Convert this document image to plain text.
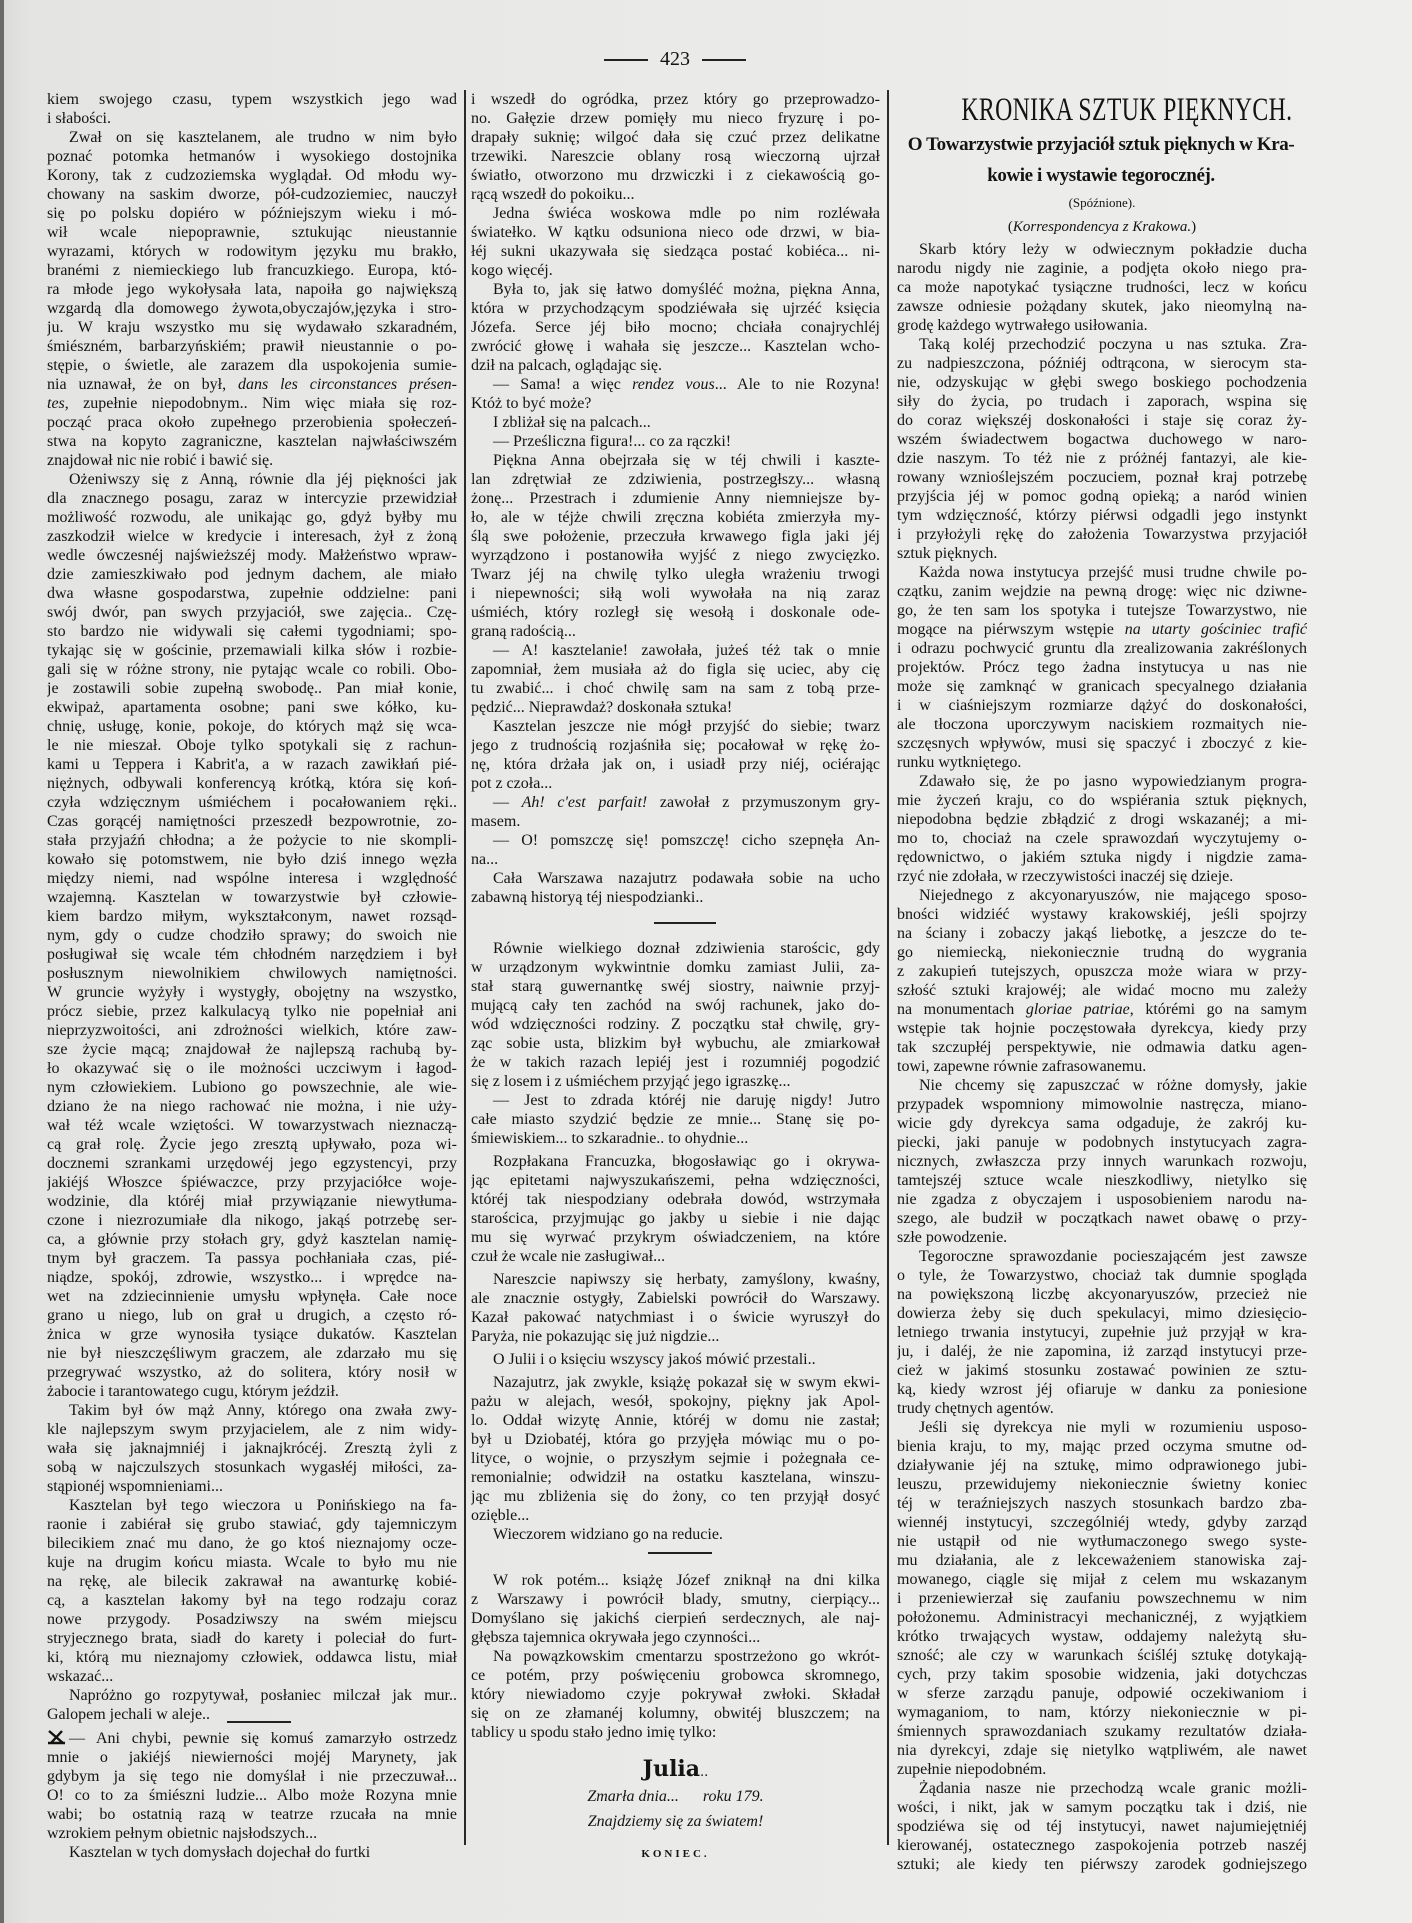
423
kiem swojego czasu, typem wszystkich jego wad
i słabości.
Zwał on się kasztelanem, ale trudno w nim było
poznać potomka hetmanów i wysokiego dostojnika
Korony, tak z cudzoziemska wyglądał. Od młodu wy-
chowany na saskim dworze, pół-cudzoziemiec, nauczył
się po polsku dopiéro w późniejszym wieku i mó-
wił wcale niepoprawnie, sztukując nieustannie
wyrazami, których w rodowitym języku mu brakło,
branémi z niemieckiego lub francuzkiego. Europa, któ-
ra młode jego wykołysała lata, napoiła go największą
wzgardą dla domowego żywota,obyczajów,języka i stro-
ju. W kraju wszystko mu się wydawało szkaradném,
śmiészném, barbarzyńskiém; prawił nieustannie o po-
stępie, o świetle, ale zarazem dla uspokojenia sumie-
nia uznawał, że on był, dans les circonstances présen-
tes, zupełnie niepodobnym.. Nim więc miała się roz-
począć praca około zupełnego przerobienia społeczeń-
stwa na kopyto zagraniczne, kasztelan najwłaściwszém
znajdował nic nie robić i bawić się.
Ożeniwszy się z Anną, równie dla jéj piękności jak
dla znacznego posagu, zaraz w intercyzie przewidział
możliwość rozwodu, ale unikając go, gdyż byłby mu
zaszkodził wielce w kredycie i interesach, żył z żoną
wedle ówczesnéj najświeższéj mody. Małżeństwo wpraw-
dzie zamieszkiwało pod jednym dachem, ale miało
dwa własne gospodarstwa, zupełnie oddzielne: pani
swój dwór, pan swych przyjaciół, swe zajęcia.. Czę-
sto bardzo nie widywali się całemi tygodniami; spo-
tykając się w gościnie, przemawiali kilka słów i rozbie-
gali się w różne strony, nie pytając wcale co robili. Obo-
je zostawili sobie zupełną swobodę.. Pan miał konie,
ekwipaż, apartamenta osobne; pani swe kółko, ku-
chnię, usługę, konie, pokoje, do których mąż się wca-
le nie mieszał. Oboje tylko spotykali się z rachun-
kami u Teppera i Kabrit'a, a w razach zawikłań pié-
niężnych, odbywali konferencyą krótką, która się koń-
czyła wdzięcznym uśmiéchem i pocałowaniem ręki..
Czas gorącéj namiętności przeszedł bezpowrotnie, zo-
stała przyjaźń chłodna; a że pożycie to nie skompli-
kowało się potomstwem, nie było dziś innego węzła
między niemi, nad wspólne interesa i względność
wzajemną. Kasztelan w towarzystwie był człowie-
kiem bardzo miłym, wykształconym, nawet rozsąd-
nym, gdy o cudze chodziło sprawy; do swoich nie
posługiwał się wcale tém chłodném narzędziem i był
posłusznym niewolnikiem chwilowych namiętności.
W gruncie wyżyły i wystygły, obojętny na wszystko,
prócz siebie, przez kalkulacyą tylko nie popełniał ani
nieprzyzwoitości, ani zdrożności wielkich, które zaw-
sze życie mącą; znajdował że najlepszą rachubą by-
ło okazywać się o ile możności uczciwym i łagod-
nym człowiekiem. Lubiono go powszechnie, ale wie-
dziano że na niego rachować nie można, i nie uży-
wał téż wcale wziętości. W towarzystwach nieznaczą-
cą grał rolę. Życie jego zresztą upływało, poza wi-
docznemi szrankami urzędowéj jego egzystencyi, przy
jakiéjś Włoszce śpiéwaczce, przy przyjaciółce woje-
wodzinie, dla któréj miał przywiązanie niewytłuma-
czone i niezrozumiałe dla nikogo, jakąś potrzebę ser-
ca, a głównie przy stołach gry, gdyż kasztelan namię-
tnym był graczem. Ta passya pochłaniała czas, pié-
niądze, spokój, zdrowie, wszystko... i wprędce na-
wet na zdziecinnienie umysłu wpłynęła. Całe noce
grano u niego, lub on grał u drugich, a często ró-
żnica w grze wynosiła tysiące dukatów. Kasztelan
nie był nieszczęśliwym graczem, ale zdarzało mu się
przegrywać wszystko, aż do solitera, który nosił w
żabocie i tarantowatego cugu, którym jeździł.
Takim był ów mąż Anny, którego ona zwała zwy-
kle najlepszym swym przyjacielem, ale z nim widy-
wała się jaknajmniéj i jaknajkrócéj. Zresztą żyli z
sobą w najczulszych stosunkach wygasłéj miłości, za-
stąpionéj wspomnieniami...
Kasztelan był tego wieczora u Ponińskiego na fa-
raonie i zabiérał się grubo stawiać, gdy tajemniczym
bilecikiem znać mu dano, że go ktoś nieznajomy ocze-
kuje na drugim końcu miasta. Wcale to było mu nie
na rękę, ale bilecik zakrawał na awanturkę kobié-
cą, a kasztelan łakomy był na tego rodzaju coraz
nowe przygody. Posadziwszy na swém miejscu
stryjecznego brata, siadł do karety i poleciał do furt-
ki, którą mu nieznajomy człowiek, oddawca listu, miał
wskazać...
Napróżno go rozpytywał, posłaniec milczał jak mur..
Galopem jechali w aleje..
— Ani chybi, pewnie się komuś zamarzyło ostrzedz
mnie o jakiéjś niewierności mojéj Marynety, jak
gdybym ja się tego nie domyślał i nie przeczuwał...
O! co to za śmiészni ludzie... Albo może Rozyna mnie
wabi; bo ostatnią razą w teatrze rzucała na mnie
wzrokiem pełnym obietnic najsłodszych...
Kasztelan w tych domysłach dojechał do furtki
i wszedł do ogródka, przez który go przeprowadzo-
no. Gałęzie drzew pomięły mu nieco fryzurę i po-
drapały suknię; wilgoć dała się czuć przez delikatne
trzewiki. Nareszcie oblany rosą wieczorną ujrzał
światło, otworzono mu drzwiczki i z ciekawością go-
rącą wszedł do pokoiku...
Jedna świéca woskowa mdle po nim rozléwała
światełko. W kątku odsuniona nieco ode drzwi, w bia-
łéj sukni ukazywała się siedząca postać kobiéca... ni-
kogo więcéj.
Była to, jak się łatwo domyśléć można, piękna Anna,
która w przychodzącym spodziéwała się ujrzéć księcia
Józefa. Serce jéj biło mocno; chciała conajrychléj
zwrócić głowę i wahała się jeszcze... Kasztelan wcho-
dził na palcach, oglądając się.
— Sama! a więc rendez vous... Ale to nie Rozyna!
Któż to być może?
I zbliżał się na palcach...
— Prześliczna figura!... co za rączki!
Piękna Anna obejrzała się w téj chwili i kaszte-
lan zdrętwiał ze zdziwienia, postrzegłszy... własną
żonę... Przestrach i zdumienie Anny niemniejsze by-
ło, ale w téjże chwili zręczna kobiéta zmierzyła my-
ślą swe położenie, przeczuła krwawego figla jaki jéj
wyrządzono i postanowiła wyjść z niego zwycięzko.
Twarz jéj na chwilę tylko uległa wrażeniu trwogi
i niepewności; siłą woli wywołała na nią zaraz
uśmiéch, który rozległ się wesołą i doskonale ode-
graną radością...
— A! kasztelanie! zawołała, jużeś téż tak o mnie
zapomniał, żem musiała aż do figla się uciec, aby cię
tu zwabić... i choć chwilę sam na sam z tobą prze-
pędzić... Nieprawdaż? doskonała sztuka!
Kasztelan jeszcze nie mógł przyjść do siebie; twarz
jego z trudnością rozjaśniła się; pocałował w rękę żo-
nę, która drżała jak on, i usiadł przy niéj, ociérając
pot z czoła...
— Ah! c'est parfait! zawołał z przymuszonym gry-
masem.
— O! pomszczę się! pomszczę! cicho szepnęła An-
na...
Cała Warszawa nazajutrz podawała sobie na ucho
zabawną historyą téj niespodzianki..
Równie wielkiego doznał zdziwienia starościc, gdy
w urządzonym wykwintnie domku zamiast Julii, za-
stał starą guwernantkę swéj siostry, naiwnie przyj-
mującą cały ten zachód na swój rachunek, jako do-
wód wdzięczności rodziny. Z początku stał chwilę, gry-
ząc sobie usta, blizkim był wybuchu, ale zmiarkował
że w takich razach lepiéj jest i rozumniéj pogodzić
się z losem i z uśmiéchem przyjąć jego igraszkę...
— Jest to zdrada któréj nie daruję nigdy! Jutro
całe miasto szydzić będzie ze mnie... Stanę się po-
śmiewiskiem... to szkaradnie.. to ohydnie...
Rozpłakana Francuzka, błogosławiąc go i okrywa-
jąc epitetami najwyszukańszemi, pełna wdzięczności,
któréj tak niespodziany odebrała dowód, wstrzymała
starościca, przyjmując go jakby u siebie i nie dając
mu się wyrwać przykrym oświadczeniem, na które
czuł że wcale nie zasługiwał...
Nareszcie napiwszy się herbaty, zamyślony, kwaśny,
ale znacznie ostygły, Zabielski powrócił do Warszawy.
Kazał pakować natychmiast i o świcie wyruszył do
Paryża, nie pokazując się już nigdzie...
O Julii i o księciu wszyscy jakoś mówić przestali..
Nazajutrz, jak zwykle, książę pokazał się w swym ekwi-
pażu w alejach, wesół, spokojny, piękny jak Apol-
lo. Oddał wizytę Annie, któréj w domu nie zastał;
był u Dziobatéj, która go przyjęła mówiąc mu o po-
lityce, o wojnie, o przyszłym sejmie i pożegnała ce-
remonialnie; odwidził na ostatku kasztelana, winszu-
jąc mu zbliżenia się do żony, co ten przyjął dosyć
ozięble...
Wieczorem widziano go na reducie.
W rok potém... książę Józef zniknął na dni kilka
z Warszawy i powrócił blady, smutny, cierpiący...
Domyślano się jakichś cierpień serdecznych, ale naj-
głębsza tajemnica okrywała jego czynności...
Na powązkowskim cmentarzu spostrzeżono go wkrót-
ce potém, przy poświęceniu grobowca skromnego,
który niewiadomo czyje pokrywał zwłoki. Składał
się on ze złamanéj kolumny, obwitéj bluszczem; na
tablicy u spodu stało jedno imię tylko:
Julia..
Zmarła dnia...      roku 179.
Znajdziemy się za światem!
KONIEC.
KRONIKA SZTUK PIĘKNYCH.
O Towarzystwie przyjaciół sztuk pięknych w Kra-
kowie i wystawie tegorocznéj.
(Spóźnione).
(Korrespondencya z Krakowa.)
Skarb który leży w odwiecznym pokładzie ducha
narodu nigdy nie zaginie, a podjęta około niego pra-
ca może napotykać tysiączne trudności, lecz w końcu
zawsze odniesie pożądany skutek, jako nieomylną na-
grodę każdego wytrwałego usiłowania.
Taką koléj przechodzić poczyna u nas sztuka. Zra-
zu nadpieszczona, późniéj odtrącona, w sierocym sta-
nie, odzyskując w głębi swego boskiego pochodzenia
siły do życia, po trudach i zaporach, wspina się
do coraz większéj doskonałości i staje się coraz ży-
wszém świadectwem bogactwa duchowego w naro-
dzie naszym. To téż nie z próżnéj fantazyi, ale kie-
rowany wznioślejszém poczuciem, poznał kraj potrzebę
przyjścia jéj w pomoc godną opieką; a naród winien
tym wdzięczność, którzy piérwsi odgadli jego instynkt
i przyłożyli rękę do założenia Towarzystwa przyjaciół
sztuk pięknych.
Każda nowa instytucya przejść musi trudne chwile po-
czątku, zanim wejdzie na pewną drogę: więc nic dziwne-
go, że ten sam los spotyka i tutejsze Towarzystwo, nie
mogące na piérwszym wstępie na utarty gościniec trafić
i odrazu pochwycić gruntu dla zrealizowania zakréślonych
projektów. Prócz tego żadna instytucya u nas nie
może się zamknąć w granicach specyalnego działania
i w ciaśniejszym rozmiarze dążyć do doskonałości,
ale tłoczona uporczywym naciskiem rozmaitych nie-
szczęsnych wpływów, musi się spaczyć i zboczyć z kie-
runku wytkniętego.
Zdawało się, że po jasno wypowiedzianym progra-
mie życzeń kraju, co do wspiérania sztuk pięknych,
niepodobna będzie zbłądzić z drogi wskazanéj; a mi-
mo to, chociaż na czele sprawozdań wyczytujemy o-
rędownictwo, o jakiém sztuka nigdy i nigdzie zama-
rzyć nie zdołała, w rzeczywistości inaczéj się dzieje.
Niejednego z akcyonaryuszów, nie mającego sposo-
bności widziéć wystawy krakowskiéj, jeśli spojrzy
na ściany i zobaczy jakąś liebotkę, a jeszcze do te-
go niemiecką, niekoniecznie trudną do wygrania
z zakupień tutejszych, opuszcza może wiara w przy-
szłość sztuki krajowéj; ale widać mocno mu zależy
na monumentach gloriae patriae, którémi go na samym
wstępie tak hojnie poczęstowała dyrekcya, kiedy przy
tak szczupłéj perspektywie, nie odmawia datku agen-
towi, zapewne równie zafrasowanemu.
Nie chcemy się zapuszczać w różne domysły, jakie
przypadek wspomniony mimowolnie nastręcza, miano-
wicie gdy dyrekcya sama odgaduje, że zakrój ku-
piecki, jaki panuje w podobnych instytucyach zagra-
nicznych, zwłaszcza przy innych warunkach rozwoju,
tamtejszéj sztuce wcale nieszkodliwy, nietylko się
nie zgadza z obyczajem i usposobieniem narodu na-
szego, ale budził w początkach nawet obawę o przy-
szłe powodzenie.
Tegoroczne sprawozdanie pocieszającém jest zawsze
o tyle, że Towarzystwo, chociaż tak dumnie spogląda
na powiększoną liczbę akcyonaryuszów, przecież nie
dowierza żeby się duch spekulacyi, mimo dziesięcio-
letniego trwania instytucyi, zupełnie już przyjął w kra-
ju, i daléj, że nie zapomina, iż zarząd instytucyi prze-
cież w jakimś stosunku zostawać powinien ze sztu-
ką, kiedy wzrost jéj ofiaruje w danku za poniesione
trudy chętnych agentów.
Jeśli się dyrekcya nie myli w rozumieniu usposo-
bienia kraju, to my, mając przed oczyma smutne od-
działywanie jéj na sztukę, mimo odprawionego jubi-
leuszu, przewidujemy niekoniecznie świetny koniec
téj w teraźniejszych naszych stosunkach bardzo zba-
wiennéj instytucyi, szczególniéj wtedy, gdyby zarząd
nie ustąpił od nie wytłumaczonego swego syste-
mu działania, ale z lekceważeniem stanowiska zaj-
mowanego, ciągle się mijał z celem mu wskazanym
i przeniewierzał się zaufaniu powszechnemu w nim
położonemu. Administracyi mechanicznéj, z wyjątkiem
krótko trwających wystaw, oddajemy należytą słu-
szność; ale czy w warunkach ściśléj sztukę dotykają-
cych, przy takim sposobie widzenia, jaki dotychczas
w sferze zarządu panuje, odpowié oczekiwaniom i
wymaganiom, to nam, którzy niekoniecznie w pi-
śmiennych sprawozdaniach szukamy rezultatów działa-
nia dyrekcyi, zdaje się nietylko wątpliwém, ale nawet
zupełnie niepodobném.
Żądania nasze nie przechodzą wcale granic możli-
wości, i nikt, jak w samym początku tak i dziś, nie
spodziéwa się od téj instytucyi, nawet najumiejętniéj
kierowanéj, ostatecznego zaspokojenia potrzeb naszéj
sztuki; ale kiedy ten piérwszy zarodek godniejszego
